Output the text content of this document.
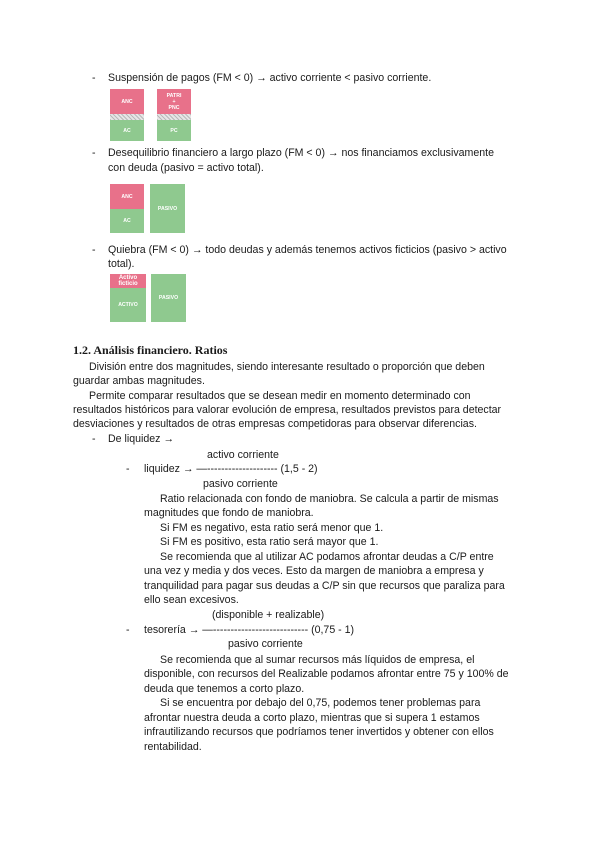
- Suspensión de pagos (FM < 0) → activo corriente < pasivo corriente.
ANC
AC
PATRI
+
PNC
PC
- Desequilibrio financiero a largo plazo (FM < 0) → nos financiamos exclusivamente
con deuda (pasivo = activo total).
ANC
AC
PASIVO
- Quiebra (FM < 0) → todo deudas y además tenemos activos ficticios (pasivo > activo
total).
Activo
ficticio
ACTIVO
PASIVO
1.2. Análisis financiero. Ratios
División entre dos magnitudes, siendo interesante resultado o proporción que deben
guardar ambas magnitudes.
Permite comparar resultados que se desean medir en momento determinado con
resultados históricos para valorar evolución de empresa, resultados previstos para detectar
desviaciones y resultados de otras empresas competidoras para observar diferencias.
- De liquidez →
activo corriente
- liquidez → —-------------------- (1,5 - 2)
pasivo corriente
Ratio relacionada con fondo de maniobra. Se calcula a partir de mismas
magnitudes que fondo de maniobra.
Si FM es negativo, esta ratio será menor que 1.
Si FM es positivo, esta ratio será mayor que 1.
Se recomienda que al utilizar AC podamos afrontar deudas a C/P entre
una vez y media y dos veces. Esto da margen de maniobra a empresa y
tranquilidad para pagar sus deudas a C/P sin que recursos que paraliza para
ello sean excesivos.
(disponible + realizable)
- tesorería → —--------------------------- (0,75 - 1)
pasivo corriente
Se recomienda que al sumar recursos más líquidos de empresa, el
disponible, con recursos del Realizable podamos afrontar entre 75 y 100% de
deuda que tenemos a corto plazo.
Si se encuentra por debajo del 0,75, podemos tener problemas para
afrontar nuestra deuda a corto plazo, mientras que si supera 1 estamos
infrautilizando recursos que podríamos tener invertidos y obtener con ellos
rentabilidad.
